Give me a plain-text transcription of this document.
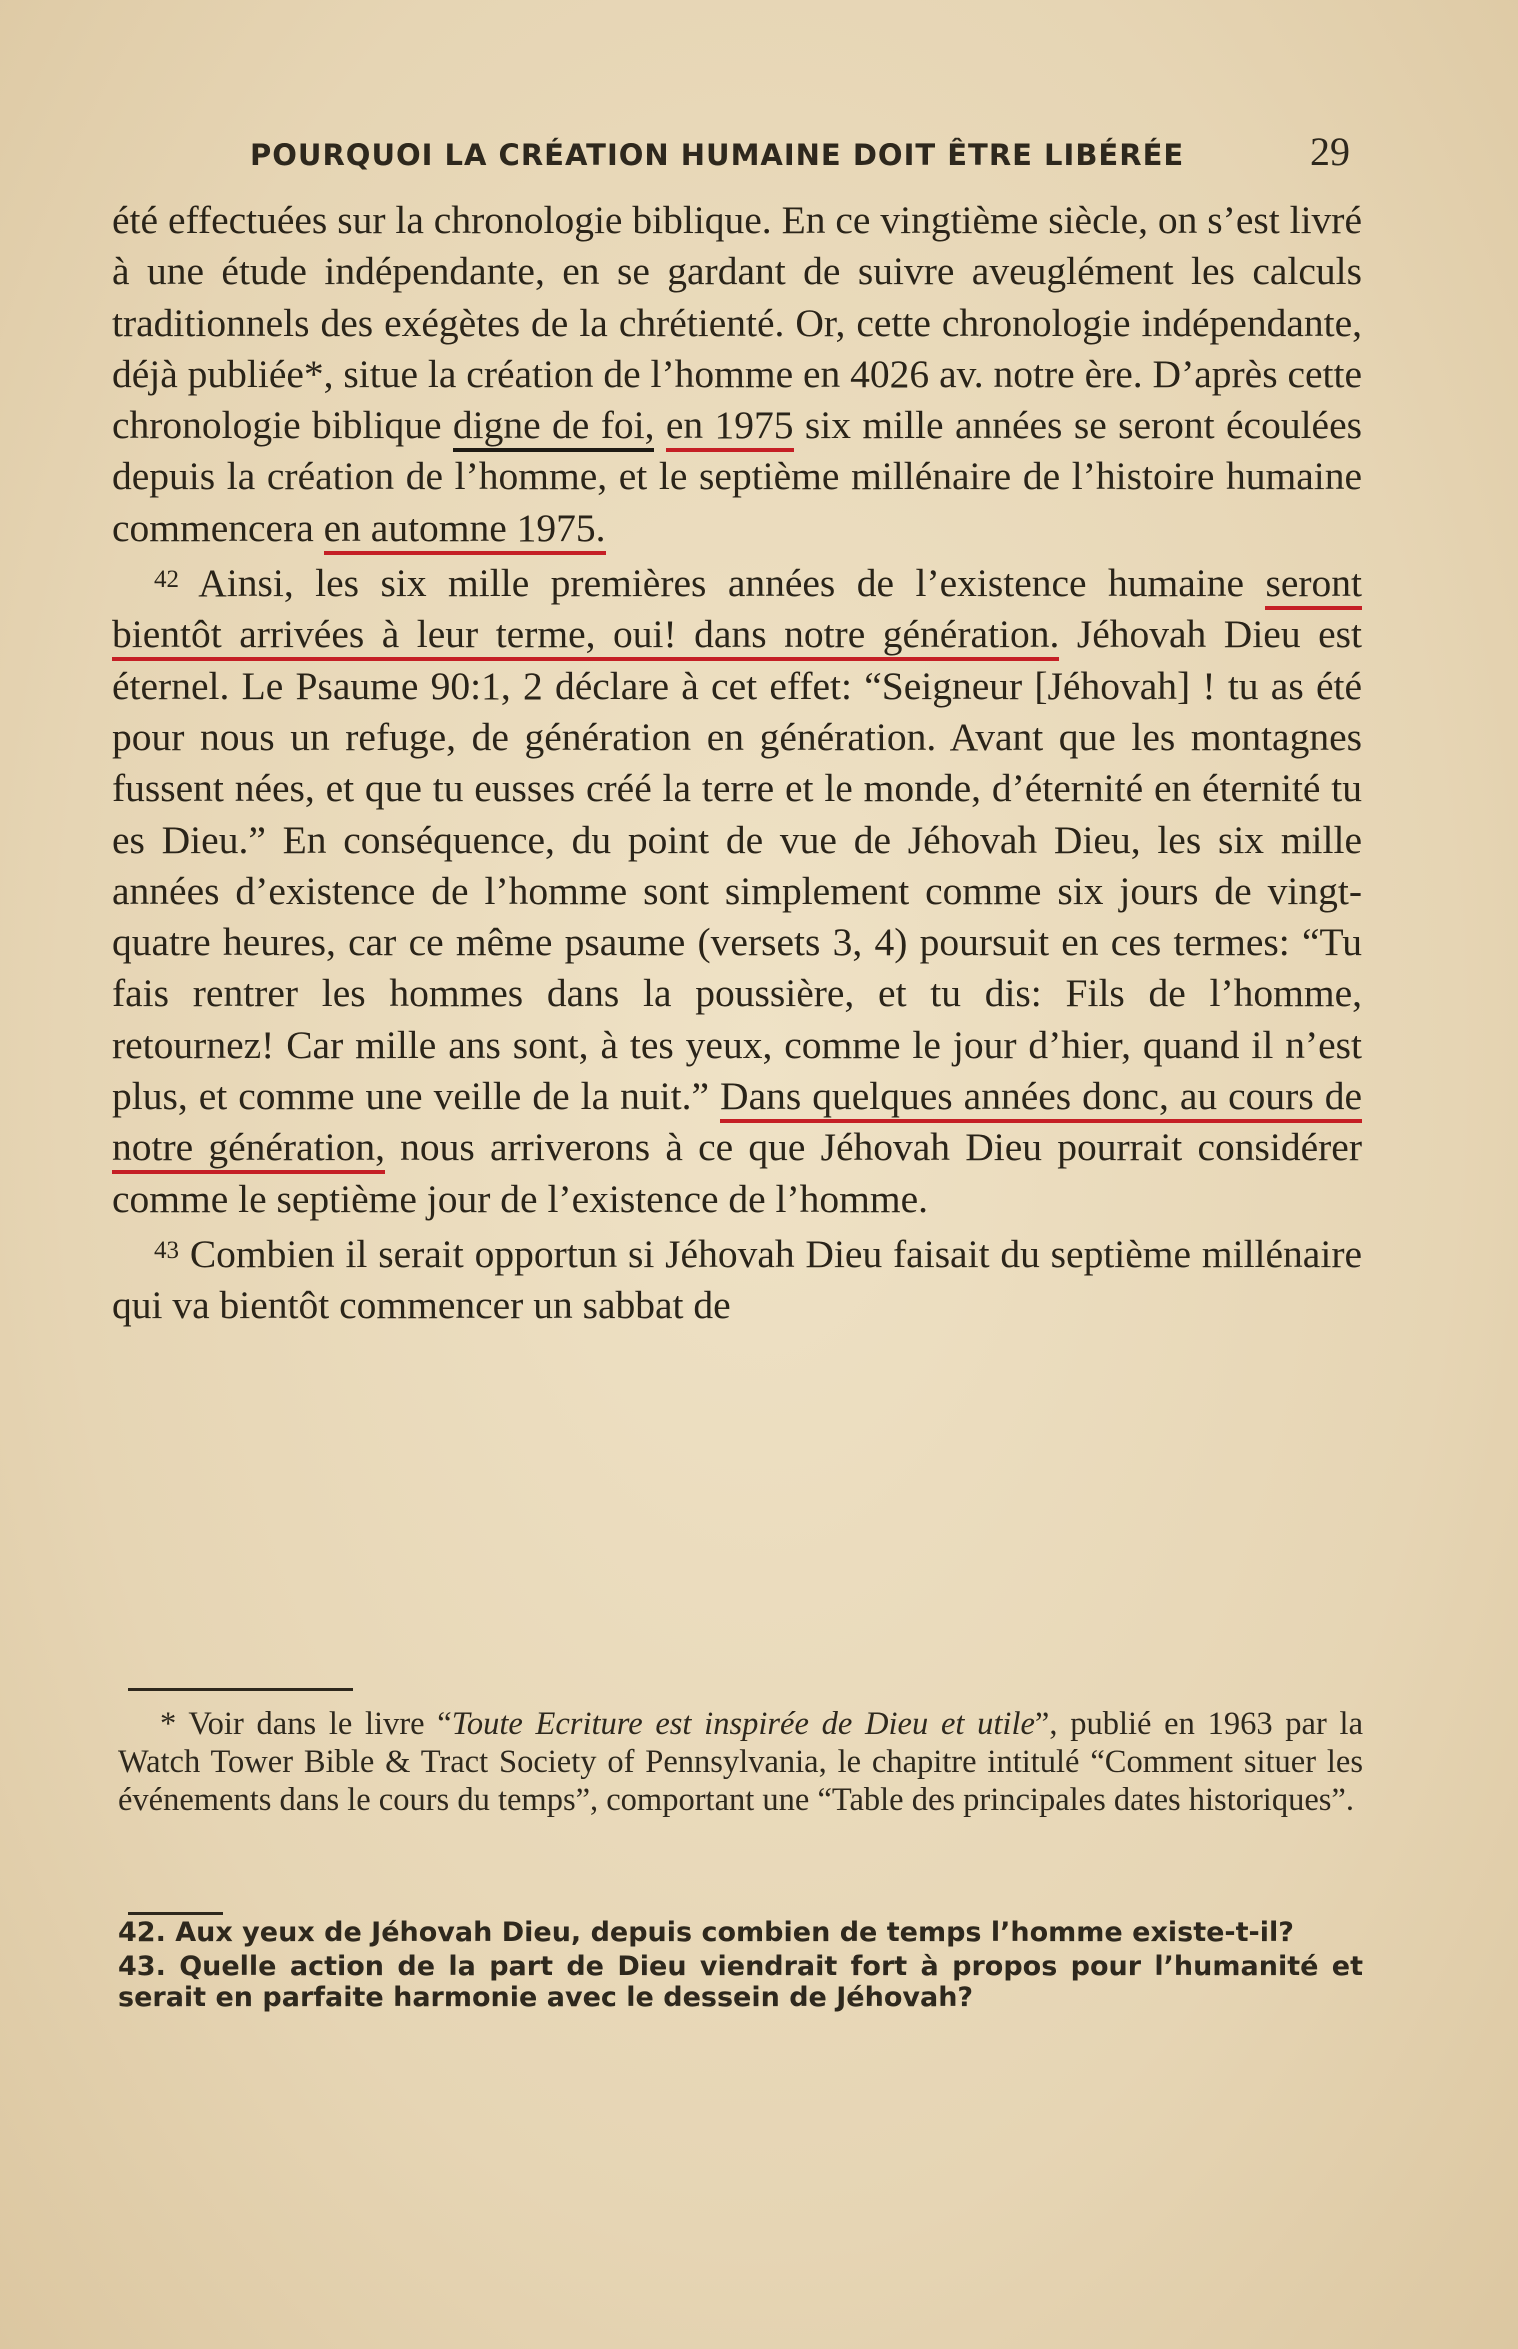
POURQUOI LA CRÉATION HUMAINE DOIT ÊTRE LIBÉRÉE	29

été effectuées sur la chronologie biblique. En ce vingtième siècle, on s’est livré à une étude indépendante, en se gardant de suivre aveuglément les calculs traditionnels des exégètes de la chrétienté. Or, cette chronologie indépendante, déjà publiée*, situe la création de l’homme en 4026 av. notre ère. D’après cette chronologie biblique digne de foi, en 1975 six mille années se seront écoulées depuis la création de l’homme, et le septième millénaire de l’histoire humaine commencera en automne 1975.

$^{42}$ Ainsi, les six mille premières années de l’existence humaine seront bientôt arrivées à leur terme, oui! dans notre génération. Jéhovah Dieu est éternel. Le Psaume 90:1, 2 déclare à cet effet: “Seigneur [Jéhovah] ! tu as été pour nous un refuge, de génération en génération. Avant que les montagnes fussent nées, et que tu eusses créé la terre et le monde, d’éternité en éternité tu es Dieu.” En conséquence, du point de vue de Jéhovah Dieu, les six mille années d’existence de l’homme sont simplement comme six jours de vingt-quatre heures, car ce même psaume (versets 3, 4) poursuit en ces termes: “Tu fais rentrer les hommes dans la poussière, et tu dis: Fils de l’homme, retournez! Car mille ans sont, à tes yeux, comme le jour d’hier, quand il n’est plus, et comme une veille de la nuit.” Dans quelques années donc, au cours de notre génération, nous arriverons à ce que Jéhovah Dieu pourrait considérer comme le septième jour de l’existence de l’homme.

$^{43}$ Combien il serait opportun si Jéhovah Dieu faisait du septième millénaire qui va bientôt commencer un sabbat de

* Voir dans le livre “Toute Ecriture est inspirée de Dieu et utile”, publié en 1963 par la Watch Tower Bible & Tract Society of Pennsylvania, le chapitre intitulé “Comment situer les événements dans le cours du temps”, comportant une “Table des principales dates historiques”.
42. Aux yeux de Jéhovah Dieu, depuis combien de temps l’homme existe-t-il?
43. Quelle action de la part de Dieu viendrait fort à propos pour l’humanité et serait en parfaite harmonie avec le dessein de Jéhovah?
